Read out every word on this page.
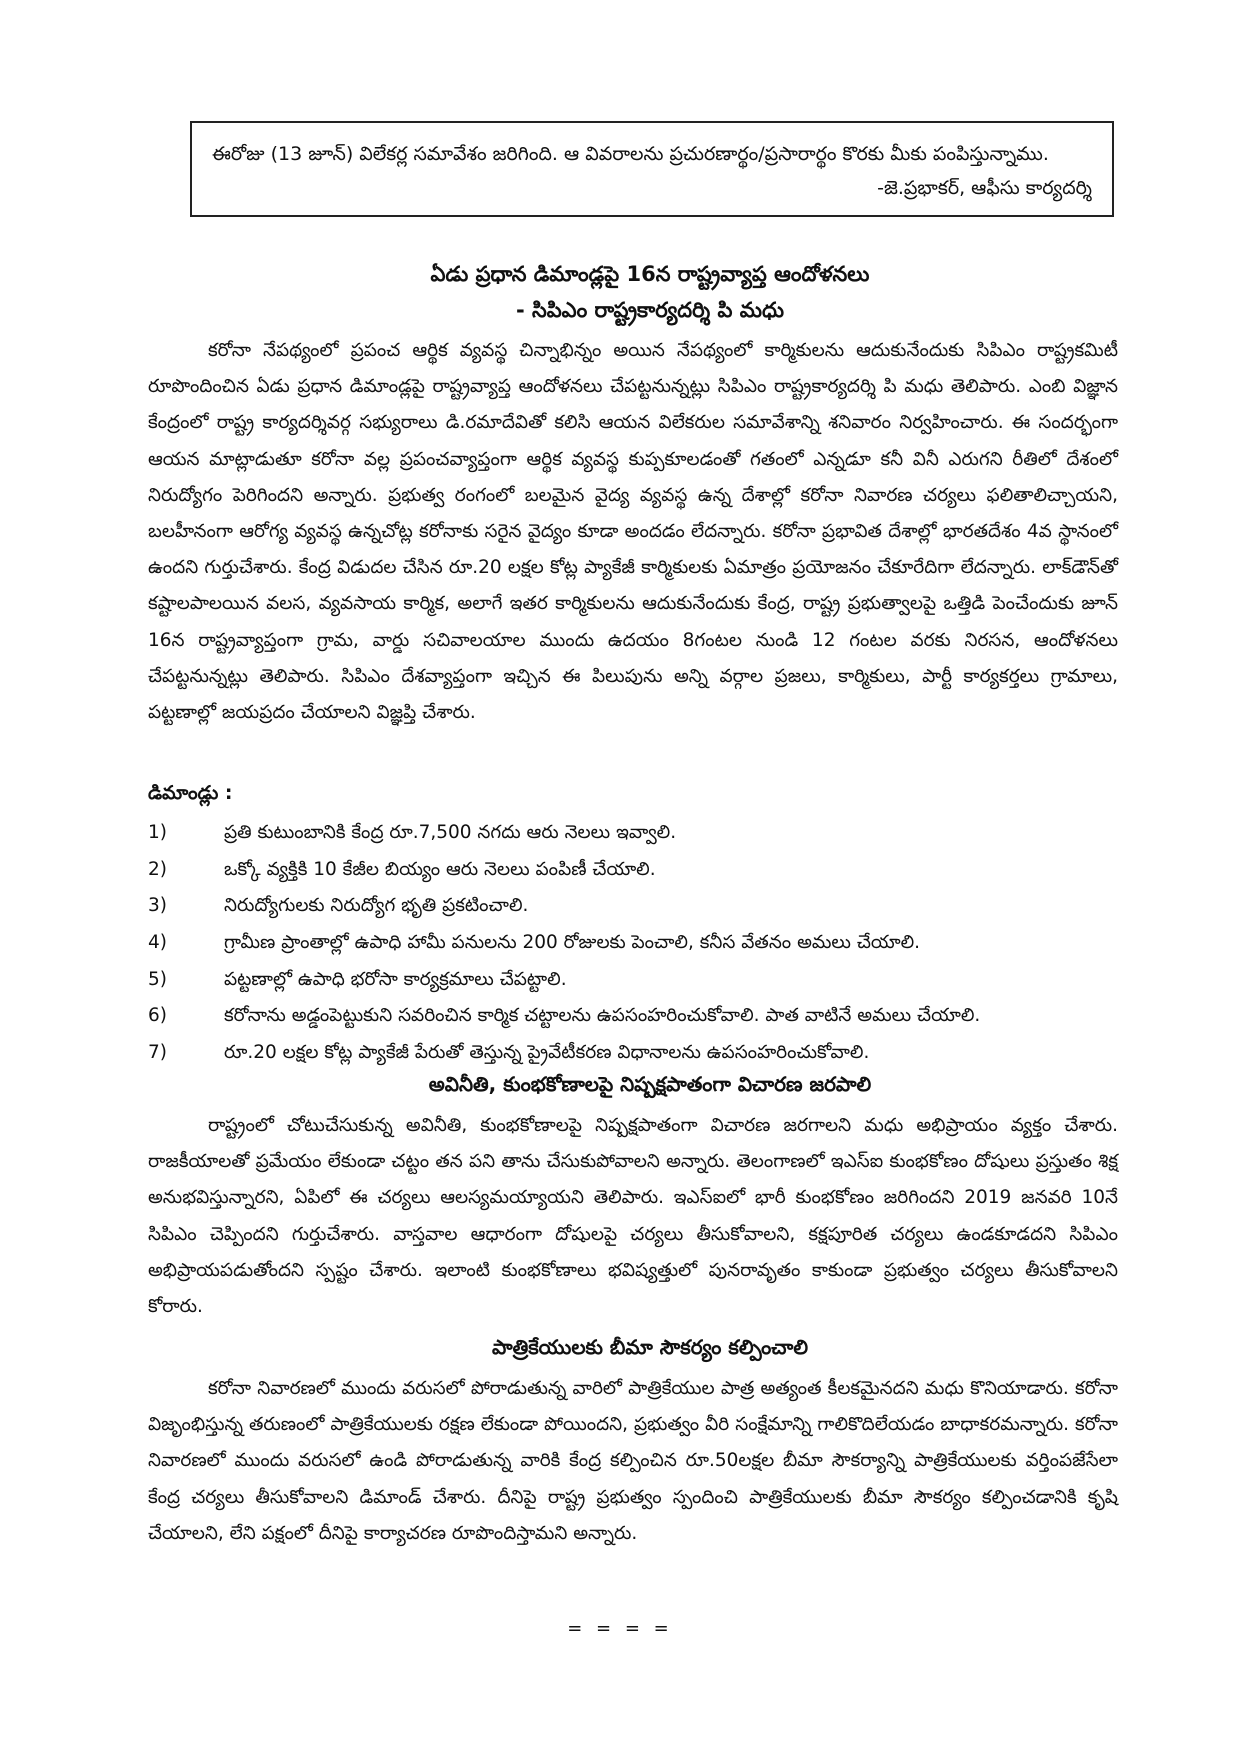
ఈరోజు (13 జూన్‌) విలేకర్ల సమావేశం జరిగింది. ఆ వివరాలను ప్రచురణార్థం/ప్రసారార్థం కొరకు మీకు పంపిస్తున్నాము.
-జె.ప్రభాకర్‌, ఆఫీసు కార్యదర్శి
ఏడు ప్రధాన డిమాండ్లపై 16న రాష్ట్రవ్యాప్త ఆందోళనలు
- సిపిఎం రాష్ట్రకార్యదర్శి పి మధు

కరోనా నేపథ్యంలో ప్రపంచ ఆర్థిక వ్యవస్థ చిన్నాభిన్నం అయిన నేపథ్యంలో కార్మికులను ఆదుకునేందుకు సిపిఎం రాష్ట్రకమిటీ రూపొందించిన ఏడు ప్రధాన డిమాండ్లపై రాష్ట్రవ్యాప్త ఆందోళనలు చేపట్టనున్నట్లు సిపిఎం రాష్ట్రకార్యదర్శి పి మధు తెలిపారు. ఎంబి విజ్ఞాన కేంద్రంలో రాష్ట్ర కార్యదర్శివర్గ సభ్యురాలు డి.రమాదేవితో కలిసి ఆయన విలేకరుల సమావేశాన్ని శనివారం నిర్వహించారు. ఈ సందర్భంగా ఆయన మాట్లాడుతూ కరోనా వల్ల ప్రపంచవ్యాప్తంగా ఆర్థిక వ్యవస్థ కుప్పకూలడంతో గతంలో ఎన్నడూ కనీ వినీ ఎరుగని రీతిలో దేశంలో నిరుద్యోగం పెరిగిందని అన్నారు. ప్రభుత్వ రంగంలో బలమైన వైద్య వ్యవస్థ ఉన్న దేశాల్లో కరోనా నివారణ చర్యలు ఫలితాలిచ్చాయని, బలహీనంగా ఆరోగ్య వ్యవస్థ ఉన్నచోట్ల కరోనాకు సరైన వైద్యం కూడా అందడం లేదన్నారు. కరోనా ప్రభావిత దేశాల్లో భారతదేశం 4వ స్థానంలో ఉందని గుర్తుచేశారు. కేంద్ర విడుదల చేసిన రూ.20 లక్షల కోట్ల ప్యాకేజీ కార్మికులకు ఏమాత్రం ప్రయోజనం చేకూరేదిగా లేదన్నారు. లాక్‌డౌన్‌తో కష్టాలపాలయిన వలస, వ్యవసాయ కార్మిక, అలాగే ఇతర కార్మికులను ఆదుకునేందుకు కేంద్ర, రాష్ట్ర ప్రభుత్వాలపై ఒత్తిడి పెంచేందుకు జూన్‌ 16న రాష్ట్రవ్యాప్తంగా గ్రామ, వార్డు సచివాలయాల ముందు ఉదయం 8గంటల నుండి 12 గంటల వరకు నిరసన, ఆందోళనలు చేపట్టనున్నట్లు తెలిపారు. సిపిఎం దేశవ్యాప్తంగా ఇచ్చిన ఈ పిలుపును అన్ని వర్గాల ప్రజలు, కార్మికులు, పార్టీ కార్యకర్తలు గ్రామాలు, పట్టణాల్లో జయప్రదం చేయాలని విజ్ఞప్తి చేశారు.

డిమాండ్లు :
1)	ప్రతి కుటుంబానికి కేంద్ర రూ.7,500 నగదు ఆరు నెలలు ఇవ్వాలి.
2)	ఒక్కో వ్యక్తికి 10 కేజీల బియ్యం ఆరు నెలలు పంపిణీ చేయాలి.
3)	నిరుద్యోగులకు నిరుద్యోగ భృతి ప్రకటించాలి.
4)	గ్రామీణ ప్రాంతాల్లో ఉపాధి హామీ పనులను 200 రోజులకు పెంచాలి, కనీస వేతనం అమలు చేయాలి.
5)	పట్టణాల్లో ఉపాధి భరోసా కార్యక్రమాలు చేపట్టాలి.
6)	కరోనాను అడ్డంపెట్టుకుని సవరించిన కార్మిక చట్టాలను ఉపసంహరించుకోవాలి. పాత వాటినే అమలు చేయాలి.
7)	రూ.20 లక్షల కోట్ల ప్యాకేజీ పేరుతో తెస్తున్న ప్రైవేటీకరణ విధానాలను ఉపసంహరించుకోవాలి.
అవినీతి, కుంభకోణాలపై నిష్పక్షపాతంగా విచారణ జరపాలి

రాష్ట్రంలో చోటుచేసుకున్న అవినీతి, కుంభకోణాలపై నిష్పక్షపాతంగా విచారణ జరగాలని మధు అభిప్రాయం వ్యక్తం చేశారు. రాజకీయాలతో ప్రమేయం లేకుండా చట్టం తన పని తాను చేసుకుపోవాలని అన్నారు. తెలంగాణలో ఇఎస్‌ఐ కుంభకోణం దోషులు ప్రస్తుతం శిక్ష అనుభవిస్తున్నారని, ఏపిలో ఈ చర్యలు ఆలస్యమయ్యాయని తెలిపారు. ఇఎస్‌ఐలో భారీ కుంభకోణం జరిగిందని 2019 జనవరి 10నే సిపిఎం చెప్పిందని గుర్తుచేశారు. వాస్తవాల ఆధారంగా దోషులపై చర్యలు తీసుకోవాలని, కక్షపూరిత చర్యలు ఉండకూడదని సిపిఎం అభిప్రాయపడుతోందని స్పష్టం చేశారు. ఇలాంటి కుంభకోణాలు భవిష్యత్తులో పునరావృతం కాకుండా ప్రభుత్వం చర్యలు తీసుకోవాలని కోరారు.

పాత్రికేయులకు బీమా సౌకర్యం కల్పించాలి

కరోనా నివారణలో ముందు వరుసలో పోరాడుతున్న వారిలో పాత్రికేయుల పాత్ర అత్యంత కీలకమైనదని మధు కొనియాడారు. కరోనా విజృంభిస్తున్న తరుణంలో పాత్రికేయులకు రక్షణ లేకుండా పోయిందని, ప్రభుత్వం వీరి సంక్షేమాన్ని గాలికొదిలేయడం బాధాకరమన్నారు. కరోనా నివారణలో ముందు వరుసలో ఉండి పోరాడుతున్న వారికి కేంద్ర కల్పించిన రూ.50లక్షల బీమా సౌకర్యాన్ని పాత్రికేయులకు వర్తింపజేసేలా కేంద్ర చర్యలు తీసుకోవాలని డిమాండ్‌ చేశారు. దీనిపై రాష్ట్ర ప్రభుత్వం స్పందించి పాత్రికేయులకు బీమా సౌకర్యం కల్పించడానికి కృషి చేయాలని, లేని పక్షంలో దీనిపై కార్యాచరణ రూపొందిస్తామని అన్నారు.

= = = =
